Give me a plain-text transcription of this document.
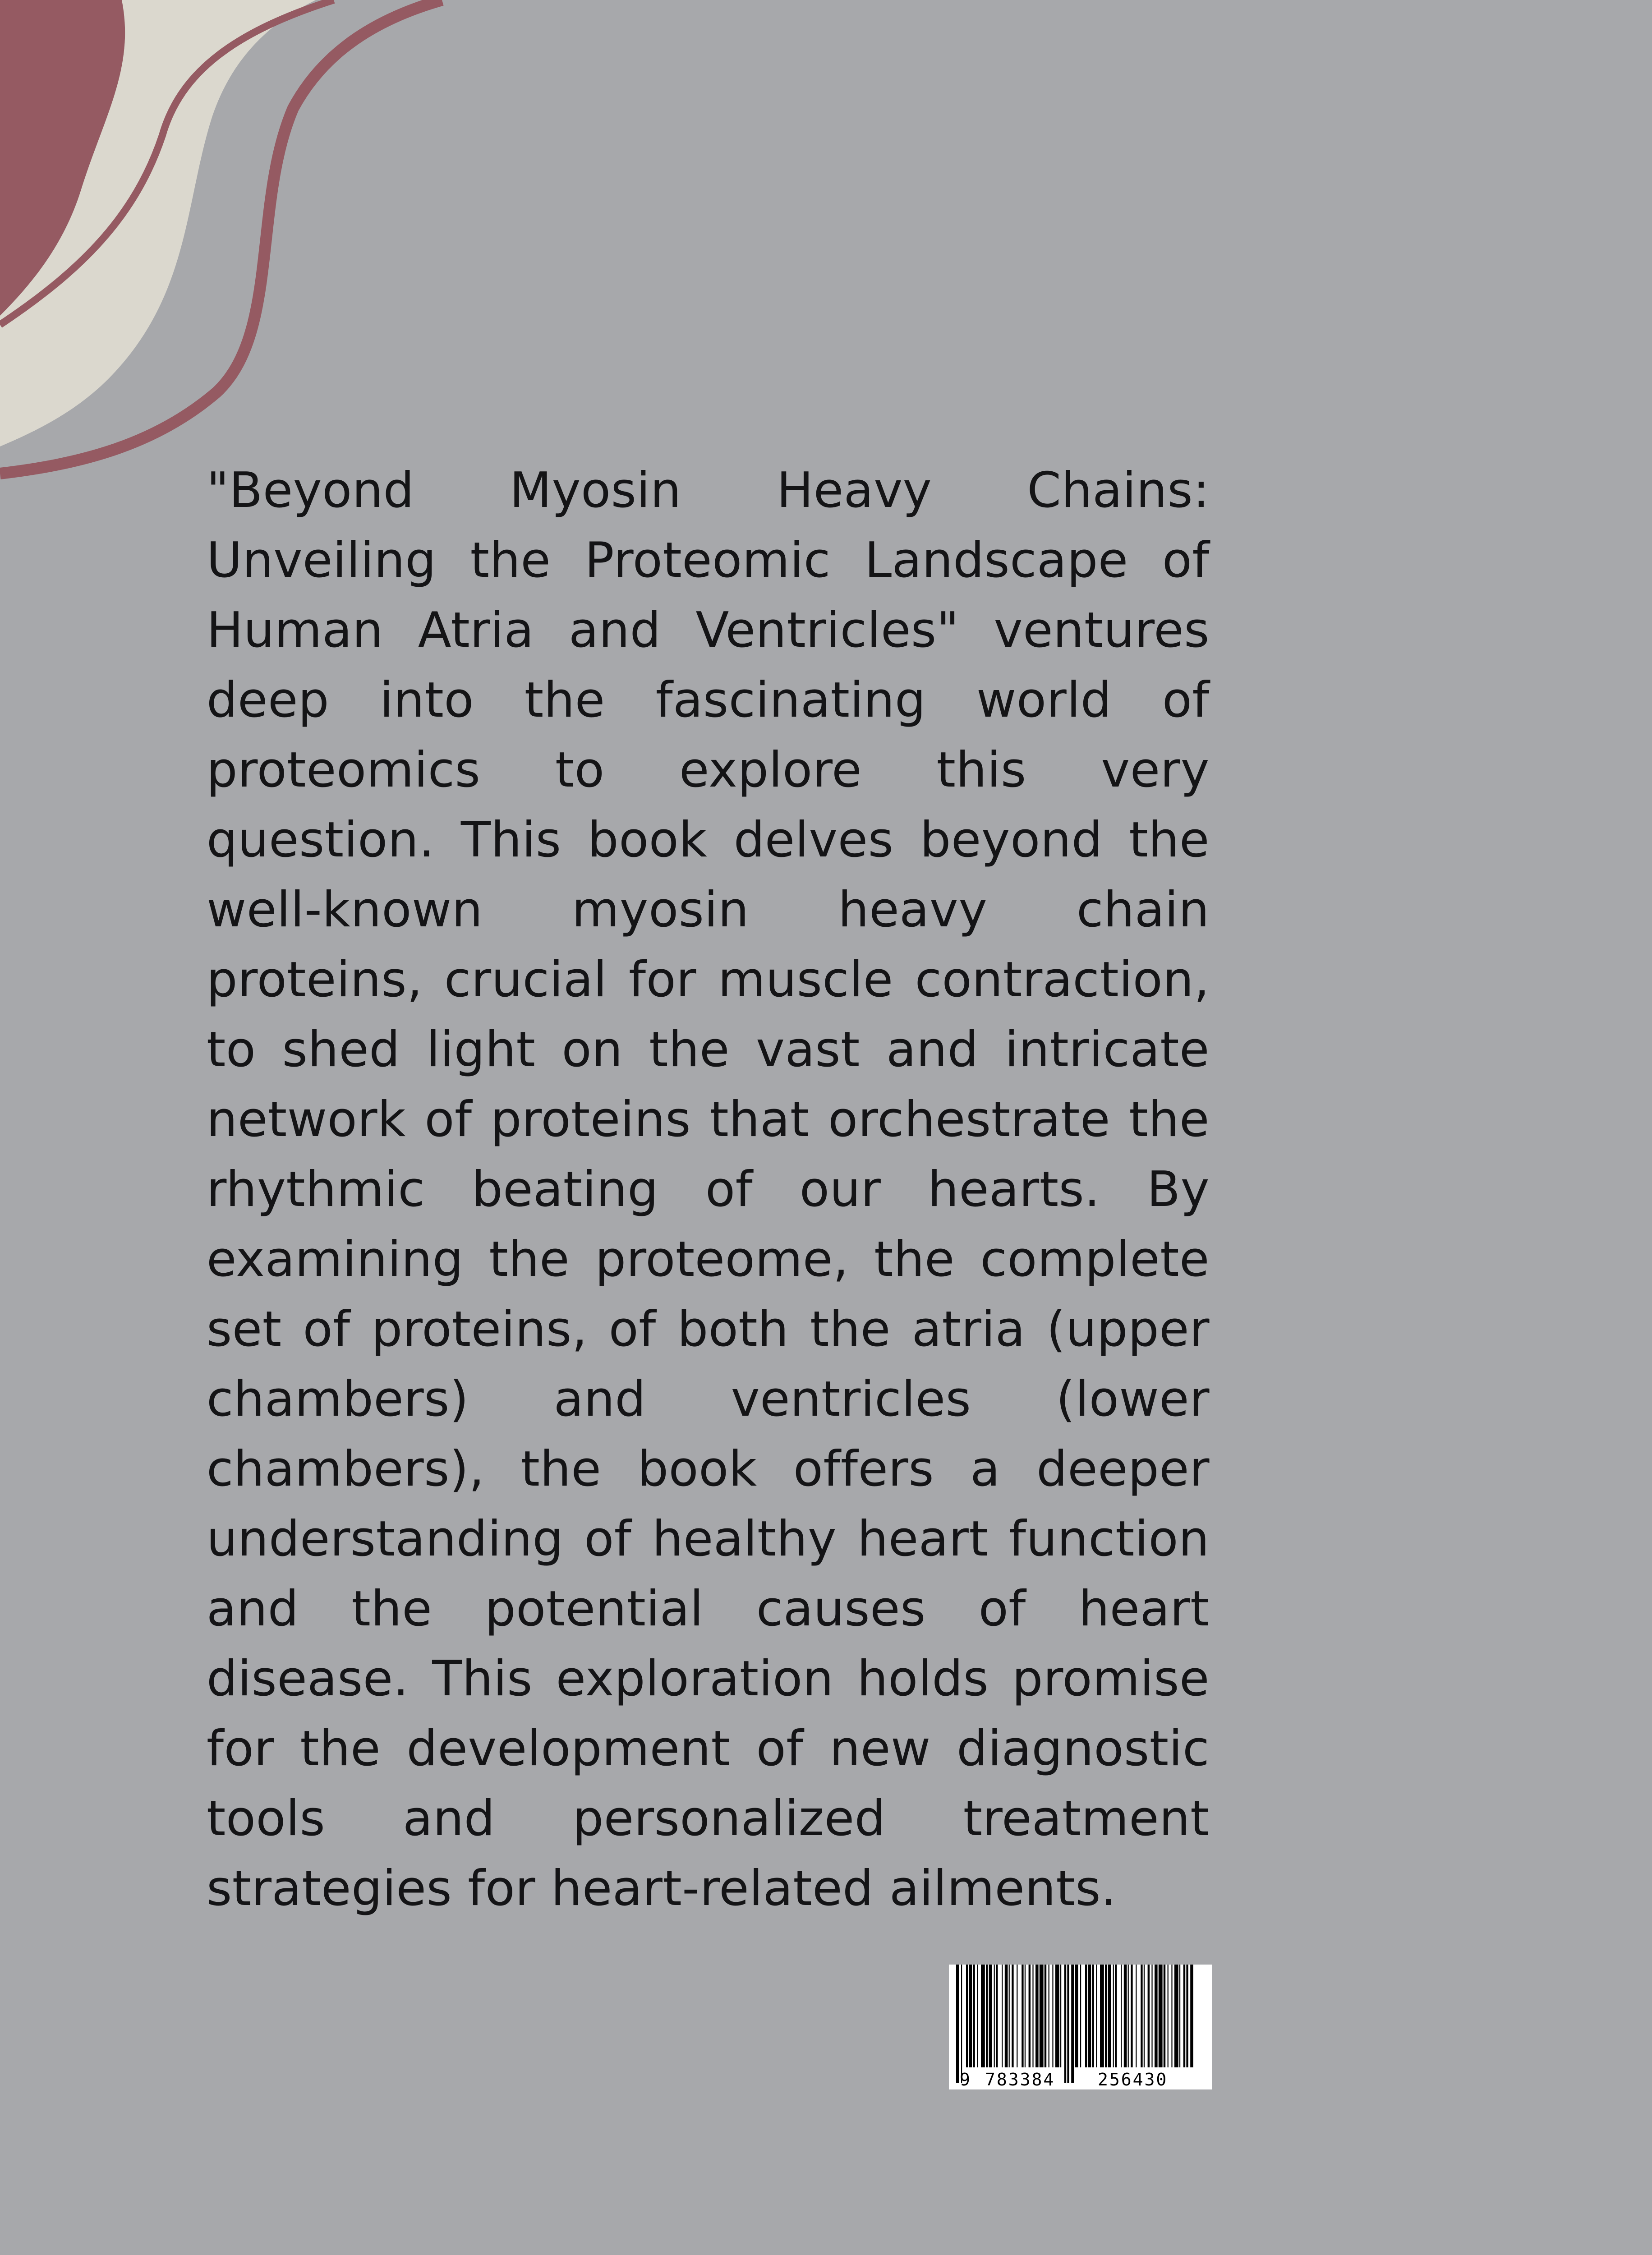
"Beyond Myosin Heavy Chains: Unveiling the Proteomic Landscape of Human Atria and Ventricles" ventures deep into the fascinating world of proteomics to explore this very question. This book delves beyond the well-known myosin heavy chain proteins, crucial for muscle contraction, to shed light on the vast and intricate network of proteins that orchestrate the rhythmic beating of our hearts. By examining the proteome, the complete set of proteins, of both the atria (upper chambers) and ventricles (lower chambers), the book offers a deeper understanding of healthy heart function and the potential causes of heart disease. This exploration holds promise for the development of new diagnostic tools and personalized treatment strategies for heart-related ailments.

9 783384 256430
